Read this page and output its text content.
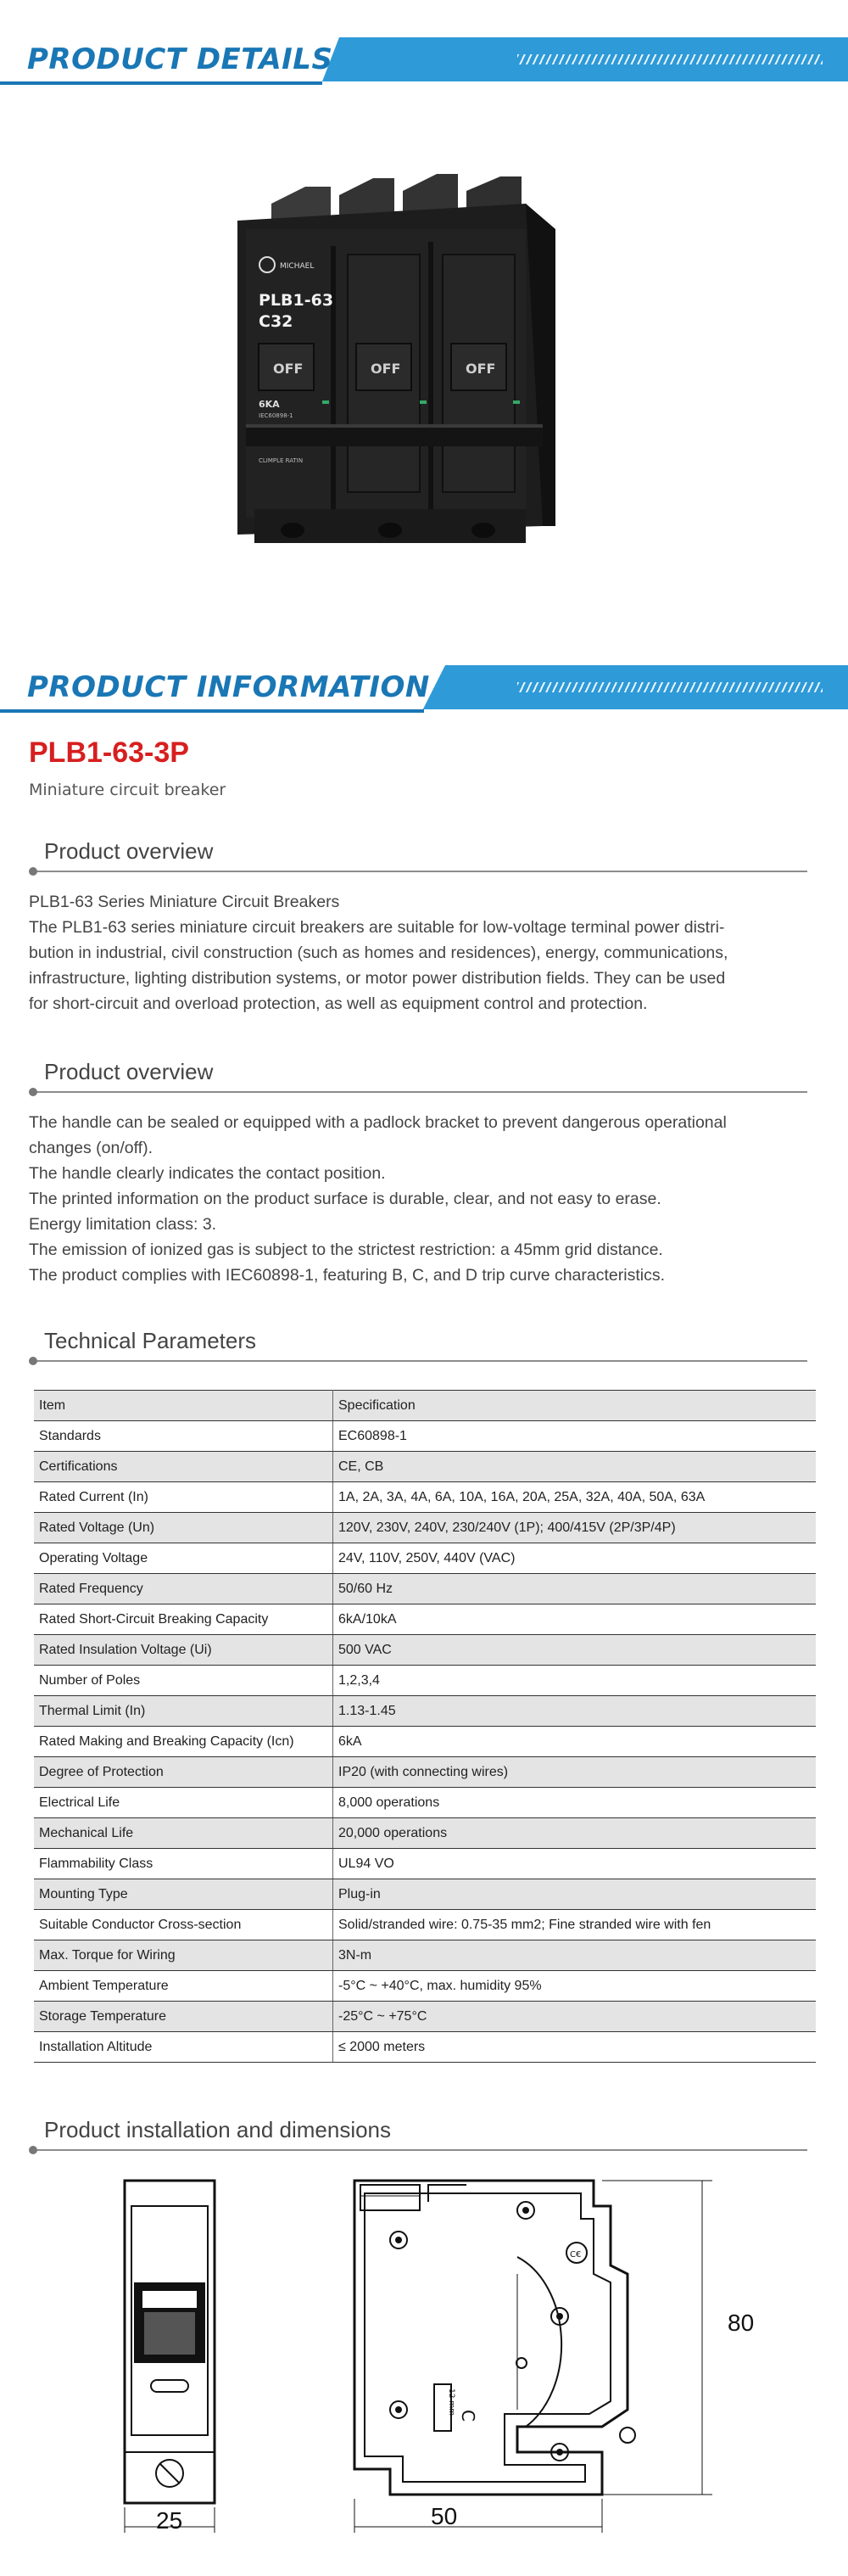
PRODUCT DETAILS
OFF	OFF	OFF
MICHAEL
PLB1-63
C32
6KA
IEC60898-1
CLIMPLE RATIN
PRODUCT INFORMATION
PLB1-63-3P
Miniature circuit breaker
Product overview

PLB1-63 Series Miniature Circuit Breakers

The PLB1-63 series miniature circuit breakers are suitable for low-voltage terminal power distri-

bution in industrial, civil construction (such as homes and residences), energy, communications,

infrastructure, lighting distribution systems, or motor power distribution fields. They can be used

for short-circuit and overload protection, as well as equipment control and protection.

Product overview

The handle can be sealed or equipped with a padlock bracket to prevent dangerous operational

changes (on/off).

The handle clearly indicates the contact position.

The printed information on the product surface is durable, clear, and not easy to erase.

Energy limitation class: 3.

The emission of ionized gas is subject to the strictest restriction: a 45mm grid distance.

The product complies with IEC60898-1, featuring B, C, and D trip curve characteristics.

Technical Parameters
Item	Specification
Standards	EC60898-1
Certifications	CE, CB
Rated Current (In)	1A, 2A, 3A, 4A, 6A, 10A, 16A, 20A, 25A, 32A, 40A, 50A, 63A
Rated Voltage (Un)	120V, 230V, 240V, 230/240V (1P); 400/415V (2P/3P/4P)
Operating Voltage	24V, 110V, 250V, 440V (VAC)
Rated Frequency	50/60 Hz
Rated Short-Circuit Breaking Capacity	6kA/10kA
Rated Insulation Voltage (Ui)	500 VAC
Number of Poles	1,2,3,4
Thermal Limit (In)	1.13-1.45
Rated Making and Breaking Capacity (Icn)	6kA
Degree of Protection	IP20 (with connecting wires)
Electrical Life	8,000 operations
Mechanical Life	20,000 operations
Flammability Class	UL94 VO
Mounting Type	Plug-in
Suitable Conductor Cross-section	Solid/stranded wire: 0.75-35 mm2; Fine stranded wire with fen
Max. Torque for Wiring	3N-m
Ambient Temperature	-5°C ~ +40°C, max. humidity 95%
Storage Temperature	-25°C ~ +75°C
Installation Altitude	≤ 2000 meters
Product installation and dimensions
25
C€
C
12 mm
80
50
